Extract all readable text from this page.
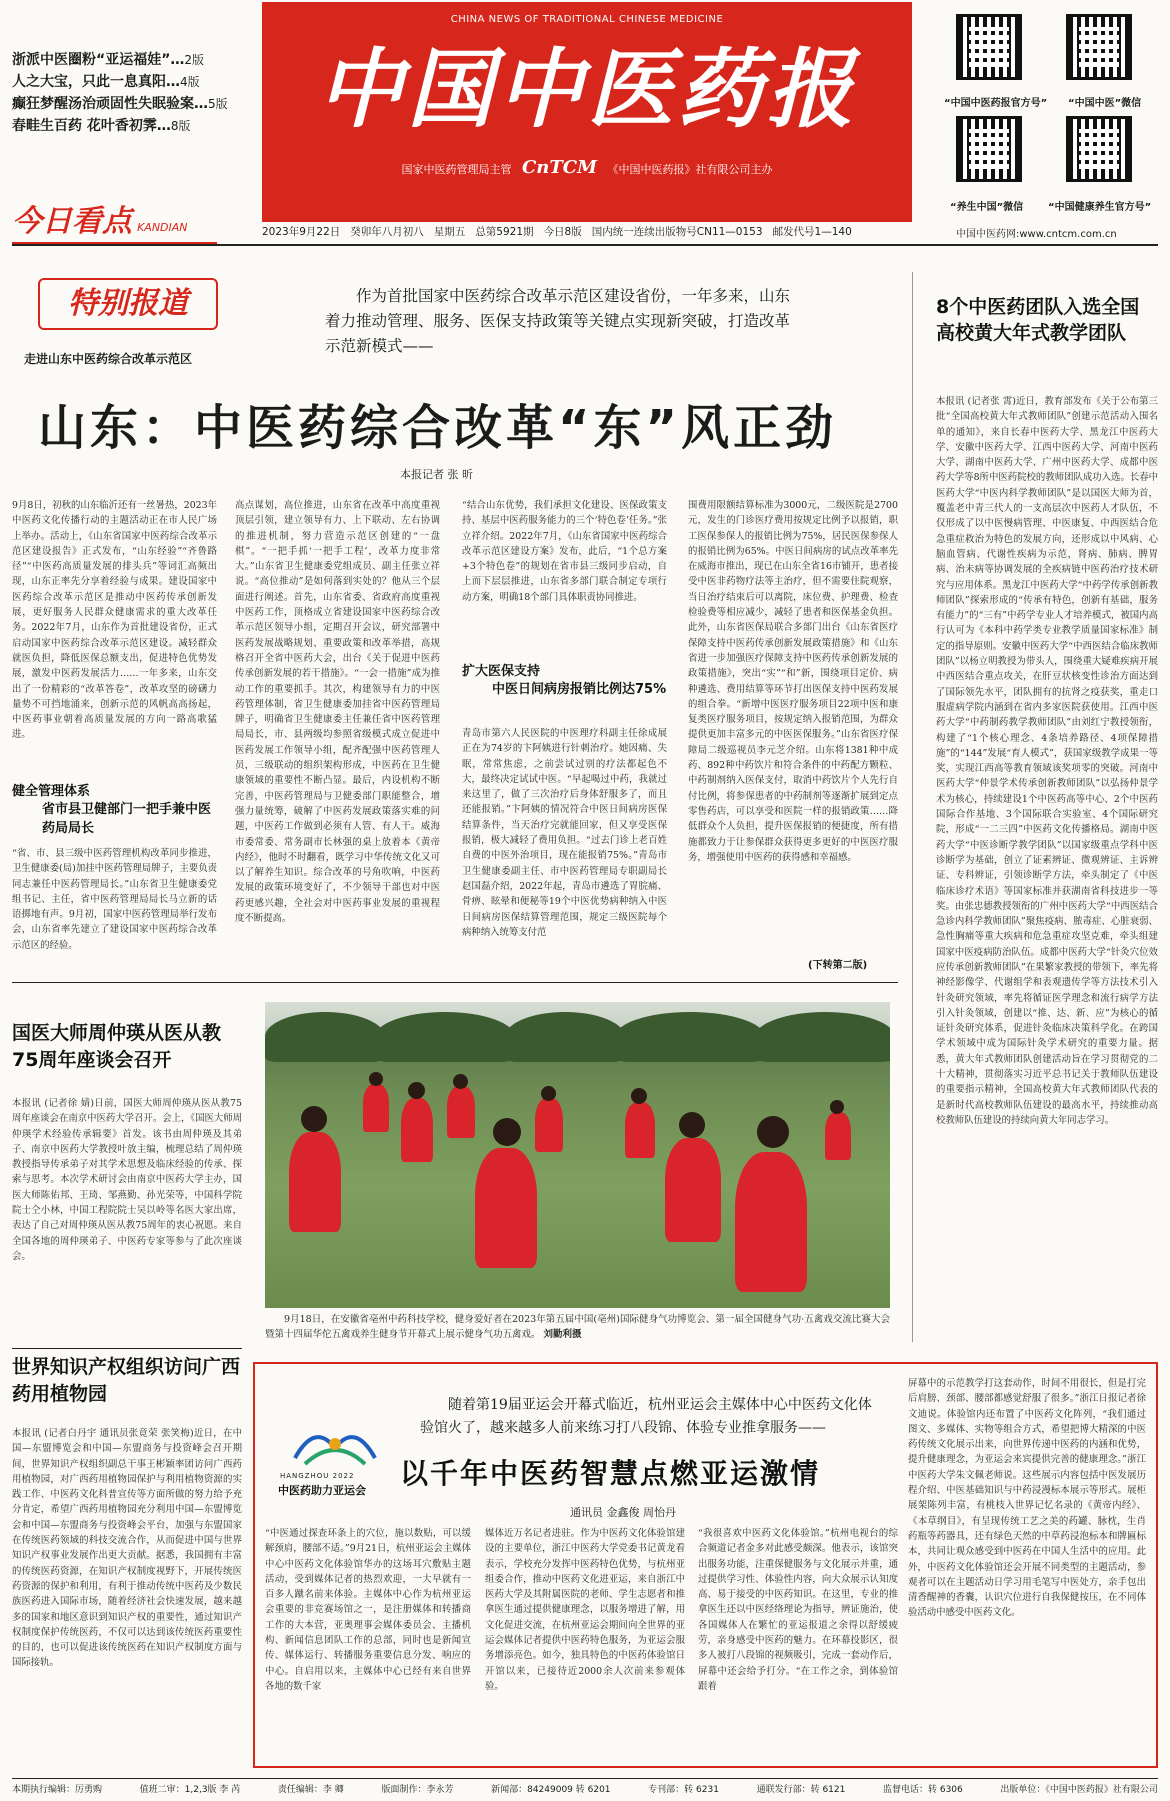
浙派中医圈粉“亚运福娃”…2版
人之大宝，只此一息真阳…4版
癫狂梦醒汤治顽固性失眠验案…5版
春畦生百药 花叶香初霁…8版
今日看点 KANDIAN
CHINA NEWS OF TRADITIONAL CHINESE MEDICINE
中国中医药报
国家中医药管理局主管 CnTCM 《中国中医药报》社有限公司主办
2023年9月22日 癸卯年八月初八 星期五 总第5921期 今日8版 国内统一连续出版物号CN11—0153 邮发代号1—140
“中国中医药报官方号” “中国中医”微信
“养生中国”微信 “中国健康养生官方号”
中国中医药网:www.cntcm.com.cn
特别报道
走进山东中医药综合改革示范区
作为首批国家中医药综合改革示范区建设省份，一年多来，山东着力推动管理、服务、医保支持政策等关键点实现新突破，打造改革示范新模式——
山东：中医药综合改革“东”风正劲
本报记者 张 昕
9月8日，初秋的山东临沂还有一丝暑热，2023年中医药文化传播行动的主题活动正在市人民广场上举办。活动上，《山东省国家中医药综合改革示范区建设报告》正式发布，“山东经验”“齐鲁路径”“中医药高质量发展的排头兵”等词汇高频出现，山东正率先分享着经验与成果。建设国家中医药综合改革示范区是推动中医药传承创新发展，更好服务人民群众健康需求的重大改革任务。2022年7月，山东作为首批建设省份，正式启动国家中医药综合改革示范区建设。减轻群众就医负担，降低医保总额支出，促进特色优势发展，激发中医药发展活力……一年多来，山东交出了一份精彩的“改革答卷”，改革攻坚的磅礴力量势不可挡地涌来，创新示范的风帆高高扬起，中医药事业朝着高质量发展的方向一路高歌猛进。
健全管理体系
省市县卫健部门一把手兼中医药局局长
“省、市、县三级中医药管理机构改革同步推进，卫生健康委(局)加挂中医药管理局牌子，主要负责同志兼任中医药管理局长。”山东省卫生健康委党组书记、主任，省中医药管理局局长马立新的话语掷地有声。9月初，国家中医药管理局举行发布会，山东省率先建立了建设国家中医药综合改革示范区的经验。
高点谋划，高位推进，山东省在改革中高度重视顶层引领，建立领导有力、上下联动、左右协调的推进机制，努力营造示范区创建的“一盘棋”。“一把手抓‘一把手工程’，改革力度非常大。”山东省卫生健康委党组成员、副主任张立祥说。“高位推动”是如何落到实处的？他从三个层面进行阐述。首先，山东省委、省政府高度重视中医药工作，顶格成立省建设国家中医药综合改革示范区领导小组，定期召开会议，研究部署中医药发展战略规划、重要政策和改革举措，高规格召开全省中医药大会，出台《关于促进中医药传承创新发展的若干措施》。“一会一措施”成为推动工作的重要抓手。其次，构建领导有力的中医药管理体制，省卫生健康委加挂省中医药管理局牌子，明确省卫生健康委主任兼任省中医药管理局局长，市、县两级均参照省级模式成立促进中医药发展工作领导小组，配齐配强中医药管理人员，三级联动的组织架构形成，中医药在卫生健康领域的重要性不断凸显。最后，内设机构不断完善，中医药管理局与卫健委部门职能整合，增强力量统筹，破解了中医药发展政策落实难的问题，中医药工作做到必须有人管、有人干。威海市委常委、常务副市长林强的桌上放着本《黄帝内经》，他时不时翻看，既学习中华传统文化又可以了解养生知识。综合改革的号角吹响，中医药发展的政策环境变好了，不少领导干部也对中医药更感兴趣，全社会对中医药事业发展的重视程度不断提高。
“结合山东优势，我们承担文化建设、医保政策支持、基层中医药服务能力的三个‘特色卷’任务。”张立祥介绍。2022年7月，《山东省国家中医药综合改革示范区建设方案》发布，此后，“1个总方案+3个特色卷”的规划在省市县三级同步启动，自上而下层层推进，山东省多部门联合制定专项行动方案，明确18个部门具体职责协同推进。
扩大医保支持
中医日间病房报销比例达75%
青岛市第六人民医院的中医理疗科副主任徐成展正在为74岁的卞阿姨进行针刺治疗。她因痛、失眠，常常焦虑，之前尝试过别的疗法都起色不大，最终决定试试中医。“早起喝过中药，我就过来这里了，做了三次治疗后身体舒服多了，而且还能报销。”卞阿姨的情况符合中医日间病房医保结算条件，当天治疗完就能回家，但又享受医保报销，极大减轻了费用负担。“过去门诊上老百姓自费的中医外治项目，现在能报销75%。”青岛市卫生健康委副主任、市中医药管理局专职副局长赵国磊介绍，2022年起，青岛市遴选了胃脘痛、骨痹、眩晕和便秘等19个中医优势病种纳入中医日间病房医保结算管理范围，规定三级医院每个病种纳入统筹支付范
围费用限额结算标准为3000元，二级医院是2700元，发生的门诊医疗费用按规定比例予以报销，职工医保参保人的报销比例为75%，居民医保参保人的报销比例为65%。中医日间病房的试点改革率先在威海市推出，现已在山东全省16市铺开，患者接受中医非药物疗法等主治疗，但不需要住院观察，当日治疗结束后可以离院，床位费、护理费、检查检验费等相应减少，减轻了患者和医保基金负担。此外，山东省医保局联合多部门出台《山东省医疗保障支持中医药传承创新发展政策措施》和《山东省进一步加强医疗保障支持中医药传承创新发展的政策措施》，突出“实”“和”新，围绕项目定价、病种遴选、费用结算等环节打出医保支持中医药发展的组合拳。“新增中医医疗服务项目22项中医和康复类医疗服务项目，按规定纳入报销范围，为群众提供更加丰富多元的中医医保服务。”山东省医疗保障局二级巡视员李元芝介绍。山东将1381种中成药、892种中药饮片和符合条件的中药配方颗粒、中药制剂纳入医保支付，取消中药饮片个人先行自付比例，将参保患者的中药制剂等逐渐扩展到定点零售药店，可以享受和医院一样的报销政策……降低群众个人负担，提升医保报销的便捷度，所有措施都致力于让参保群众获得更多更好的中医医疗服务，增强使用中医药的获得感和幸福感。
(下转第二版)
8个中医药团队入选全国高校黄大年式教学团队
本报讯 (记者张 霄)近日，教育部发布《关于公布第三批“全国高校黄大年式教师团队”创建示范活动入围名单的通知》，来自长春中医药大学、黑龙江中医药大学、安徽中医药大学、江西中医药大学、河南中医药大学、湖南中医药大学、广州中医药大学、成都中医药大学等8所中医药院校的教师团队成功入选。长春中医药大学“中医内科学教师团队”是以国医大师为首，覆盖老中青三代人的一支高层次中医药人才队伍，不仅形成了以中医慢病管理、中医康复、中西医结合危急重症救治为特色的发展方向，还形成以中风病、心脑血管病、代谢性疾病为示范，肾病、肺病、脾胃病、治未病等协调发展的全疾病链中医药治疗技术研究与应用体系。黑龙江中医药大学“中药学传承创新教师团队”探索形成的“传承有特色，创新有基础，服务有能力”的“三有”中药学专业人才培养模式，被国内高行认可为《本科中药学类专业教学质量国家标准》制定的指导原则。安徽中医药大学“中西医结合临床教师团队”以杨立明教授为带头人，围绕重大疑难疾病开展中西医结合重点攻关，在肝豆状核变性诊治方面达到了国际领先水平，团队拥有的抗肾之疫获奖，重走口服虚病学院内涵到在省内多家医院获使用。江西中医药大学“中药制药教学教师团队”由刘红宁教授领衔，构建了“1个核心理念、4条培养路径、4项保障措施”的“144”发展“育人模式”，获国家级教学成果一等奖，实现江西高等教育领域该奖项零的突破。河南中医药大学“仲景学术传承创新教师团队”以弘扬仲景学术为核心，持续建设1个中医药高等中心、2个中医药国际合作基地、3个国际联合实验室、4个国际研究院，形成“一二三四”中医药文化传播格局。湖南中医药大学“中医诊断学教学团队”以国家级重点学科中医诊断学为基础，创立了证素辨证、微观辨证、主诉辨证、专科辨证，引领诊断学方法，牵头制定了《中医临床诊疗术语》等国家标准并获湖南省科技进步一等奖。由张忠德教授领衔的广州中医药大学“中西医结合急诊内科学教师团队”聚焦疫病、脓毒症、心脏衰弱、急性胸痛等重大疾病和危急重症攻坚克难，牵头组建国家中医疫病防治队伍。成都中医药大学“针灸穴位效应传承创新教师团队”在果繁家教授的带领下，率先将神经影像学、代谢组学和表观遗传学等方法技术引入针灸研究领域，率先将循证医学理念和流行病学方法引入针灸领域，创建以“推、达、新、应”为核心的循证针灸研究体系，促进针灸临床决策科学化。在跨国学术领域中成为国际针灸学术研究的重要力量。据悉，黄大年式教师团队创建活动旨在学习贯彻党的二十大精神，贯彻落实习近平总书记关于教师队伍建设的重要指示精神，全国高校黄大年式教师团队代表的是新时代高校教师队伍建设的最高水平，持续推动高校教师队伍建设的持续向黄大年同志学习。
国医大师周仲瑛从医从教75周年座谈会召开
本报讯 (记者徐 婧)日前，国医大师周仲瑛从医从教75周年座谈会在南京中医药大学召开。会上，《国医大师周仲瑛学术经验传承辑要》首发。该书由周仲瑛及其弟子、南京中医药大学教授叶放主编，梳理总结了周仲瑛教授指导传承弟子对其学术思想及临床经验的传承、探索与思考。本次学术研讨会由南京中医药大学主办，国医大师陈佑邦、王琦、邹燕勤、孙光荣等，中国科学院院士仝小林，中国工程院院士吴以岭等名医大家出席，表达了自己对周仲瑛从医从教75周年的衷心祝愿。来自全国各地的周仲瑛弟子、中医药专家等参与了此次座谈会。
9月18日，在安徽省亳州中药科技学校，健身爱好者在2023年第五届中国(亳州)国际健身气功博览会、第一届全国健身气功·五禽戏交流比赛大会暨第十四届华佗五禽戏养生健身节开幕式上展示健身气功五禽戏。 刘勤利摄
世界知识产权组织访问广西药用植物园
本报讯 (记者白丹宇 通讯员张竟荣 张笑梅)近日，在中国—东盟博览会和中国—东盟商务与投资峰会召开期间，世界知识产权组织副总干事王彬颖率团访问广西药用植物园，对广西药用植物园保护与利用植物资源的实践工作、中医药文化科普宣传等方面所做的努力给予充分肯定，希望广西药用植物园充分利用中国—东盟博览会和中国—东盟商务与投资峰会平台，加强与东盟国家在传统医药领域的科技交流合作，从而促进中国与世界知识产权事业发展作出更大贡献。据悉，我国拥有丰富的传统医药资源，在知识产权制度视野下，开展传统医药资源的保护和利用，有利于推动传统中医药及少数民族医药进入国际市场，随着经济社会快速发展，越来越多的国家和地区意识到知识产权的重要性，通过知识产权制度保护传统医药，不仅可以达到该传统医药重要性的目的，也可以促进该传统医药在知识产权制度方面与国际接轨。
HANGZHOU 2022
中医药助力亚运会
随着第19届亚运会开幕式临近，杭州亚运会主媒体中心中医药文化体验馆火了，越来越多人前来练习打八段锦、体验专业推拿服务——
以千年中医药智慧点燃亚运激情
通讯员 金鑫俊 周怡丹
“中医通过探查环条上的穴位，施以数贴，可以缓解颈肩，腰部不适。”9月21日，杭州亚运会主媒体中心中医药文化体验馆华办的这场耳穴敷贴主题活动，受到媒体记者的热烈欢迎，一大早就有一百多人蹴名前来体验。主媒体中心作为杭州亚运会重要的非竞赛场馆之一，是注册媒体和转播商工作的大本营，亚奥理事会媒体委员会、主播机构、新闻信息团队工作的总部，同时也是新闻宣传、媒体运行、转播服务重要信息分发、响应的中心。自启用以来，主媒体中心已经有来自世界各地的数千家
媒体近万名记者进驻。作为中医药文化体验馆建设的主要单位，浙江中医药大学党委书记黄龙看表示，学校充分发挥中医药特色优势，与杭州亚组委合作，推动中医药文化进亚运，来自浙江中医药大学及其附属医院的老师、学生志愿者和推拿医生通过提供健康理念，以服务增进了解，用文化促进交流，在杭州亚运会期间向全世界的亚运会媒体记者提供中医药特色服务，为亚运会服务增添亮色。如今，独具特色的中医药体验馆日开馆以来，已接待近2000余人次前来参观体验。
“我很喜欢中医药文化体验馆。”杭州电视台的综合频道记者金多对此感受颇深。他表示，该馆突出服务功能，注重保健服务与文化展示并重，通过提供学习性、体验性内容，向大众展示认知度高、易于接受的中医药知识。在这里，专业的推拿医生还以中医经络理论为指导，辨证施治，使各国媒体人在繁忙的亚运报道之余得以舒缓疲劳，亲身感受中医药的魅力。在环幕投影区，很多人被打八段锦的视频吸引，完成一套动作后，屏幕中还会给予打分。“在工作之余，到体验馆跟着
屏幕中的示范教学打这套动作，时间不用很长，但是打完后肩膀、颈部、腰部都感觉舒服了很多。”浙江日报记者徐文迪说。体验馆内还布置了中医药文化阵列，“我们通过图文、多媒体、实物等组合方式，希望把博大精深的中医药传统文化展示出来，向世界传递中医药的内涵和优势，提升健康理念，为亚运会来宾提供完善的健康理念。”浙江中医药大学朱文佩老师说。这些展示内容包括中医发展历程介绍、中医基础知识与中药浸漫标本展示等形式。展柜展架陈列丰富，有桃枝入世界记忆名录的《黄帝内经》、《本草纲目》，有呈现传统工艺之美的药罐、脉枕，生肖药瓶等药器具，还有绿色天然的中草药浸泡标本和牌匾标本，共同让观众感受到中医药在中国人生活中的应用。此外，中医药文化体验馆还会开展不同类型的主题活动，参观者可以在主题活动日学习用毛笔写中医处方，亲手包出清香醒神的香囊，认识穴位进行自我保健按压，在不同体验活动中感受中医药文化。
本期执行编辑：厉勇购	值班二审：1,2,3版 李 芮	责任编辑：李 卿	版面制作：李永芳	新闻部：84249009 转 6201	专刊部：转 6231	通联发行部：转 6121	监督电话：转 6306	出版单位：《中国中医药报》社有限公司
